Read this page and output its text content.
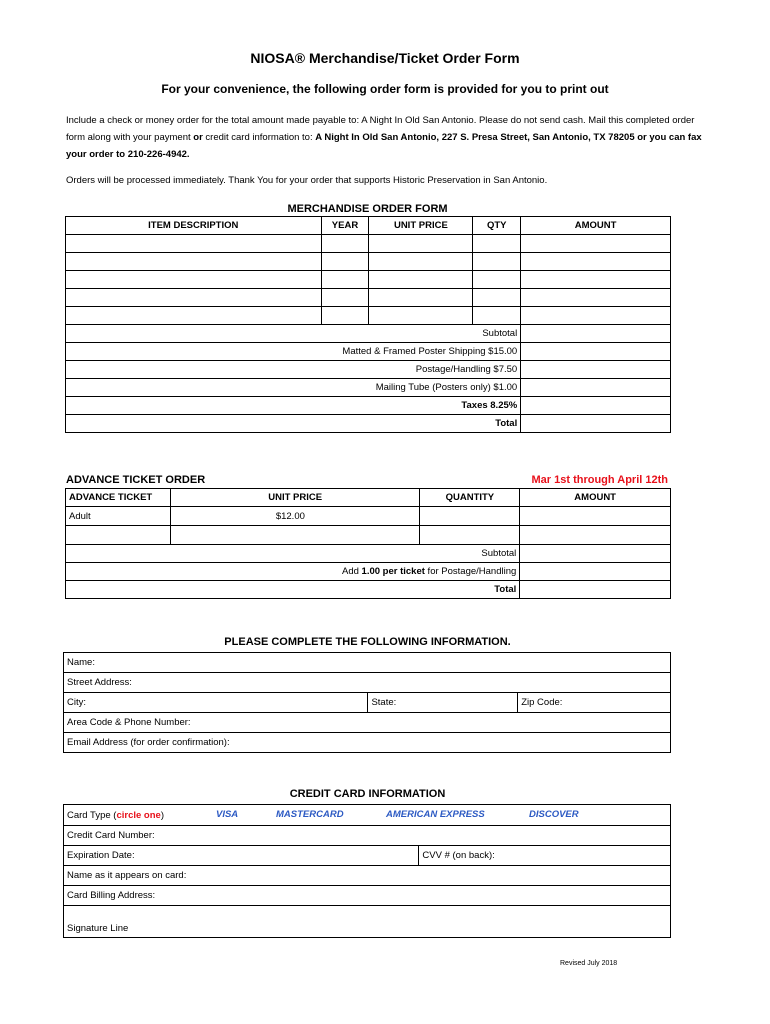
NIOSA® Merchandise/Ticket Order Form
For your convenience, the following order form is provided for you to print out
Include a check or money order for the total amount made payable to: A Night In Old San Antonio. Please do not send cash. Mail this completed order form along with your payment or credit card information to: A Night In Old San Antonio, 227 S. Presa Street, San Antonio, TX 78205 or you can fax your order to 210-226-4942.
Orders will be processed immediately. Thank You for your order that supports Historic Preservation in San Antonio.
MERCHANDISE ORDER FORM
ITEM DESCRIPTION	YEAR	UNIT PRICE	QTY	AMOUNT

Subtotal				
Matted & Framed Poster Shipping $15.00				
Postage/Handling $7.50				
Mailing Tube (Posters only) $1.00				
Taxes 8.25%				
Total				
ADVANCE TICKET ORDER	Mar 1st through April 12th
ADVANCE TICKET	UNIT PRICE	QUANTITY	AMOUNT
Adult	$12.00		

Subtotal			
Add 1.00 per ticket for Postage/Handling			
Total			
PLEASE COMPLETE THE FOLLOWING INFORMATION.
Name:
Street Address:
City:	State:	Zip Code:
Area Code & Phone Number:
Email Address (for order confirmation):
CREDIT CARD INFORMATION
Card Type (circle one)	VISA	MASTERCARD	AMERICAN EXPRESS	DISCOVER

Credit Card Number:
Expiration Date:	CVV # (on back):
Name as it appears on card:
Card Billing Address:
Signature Line
Revised July 2018
